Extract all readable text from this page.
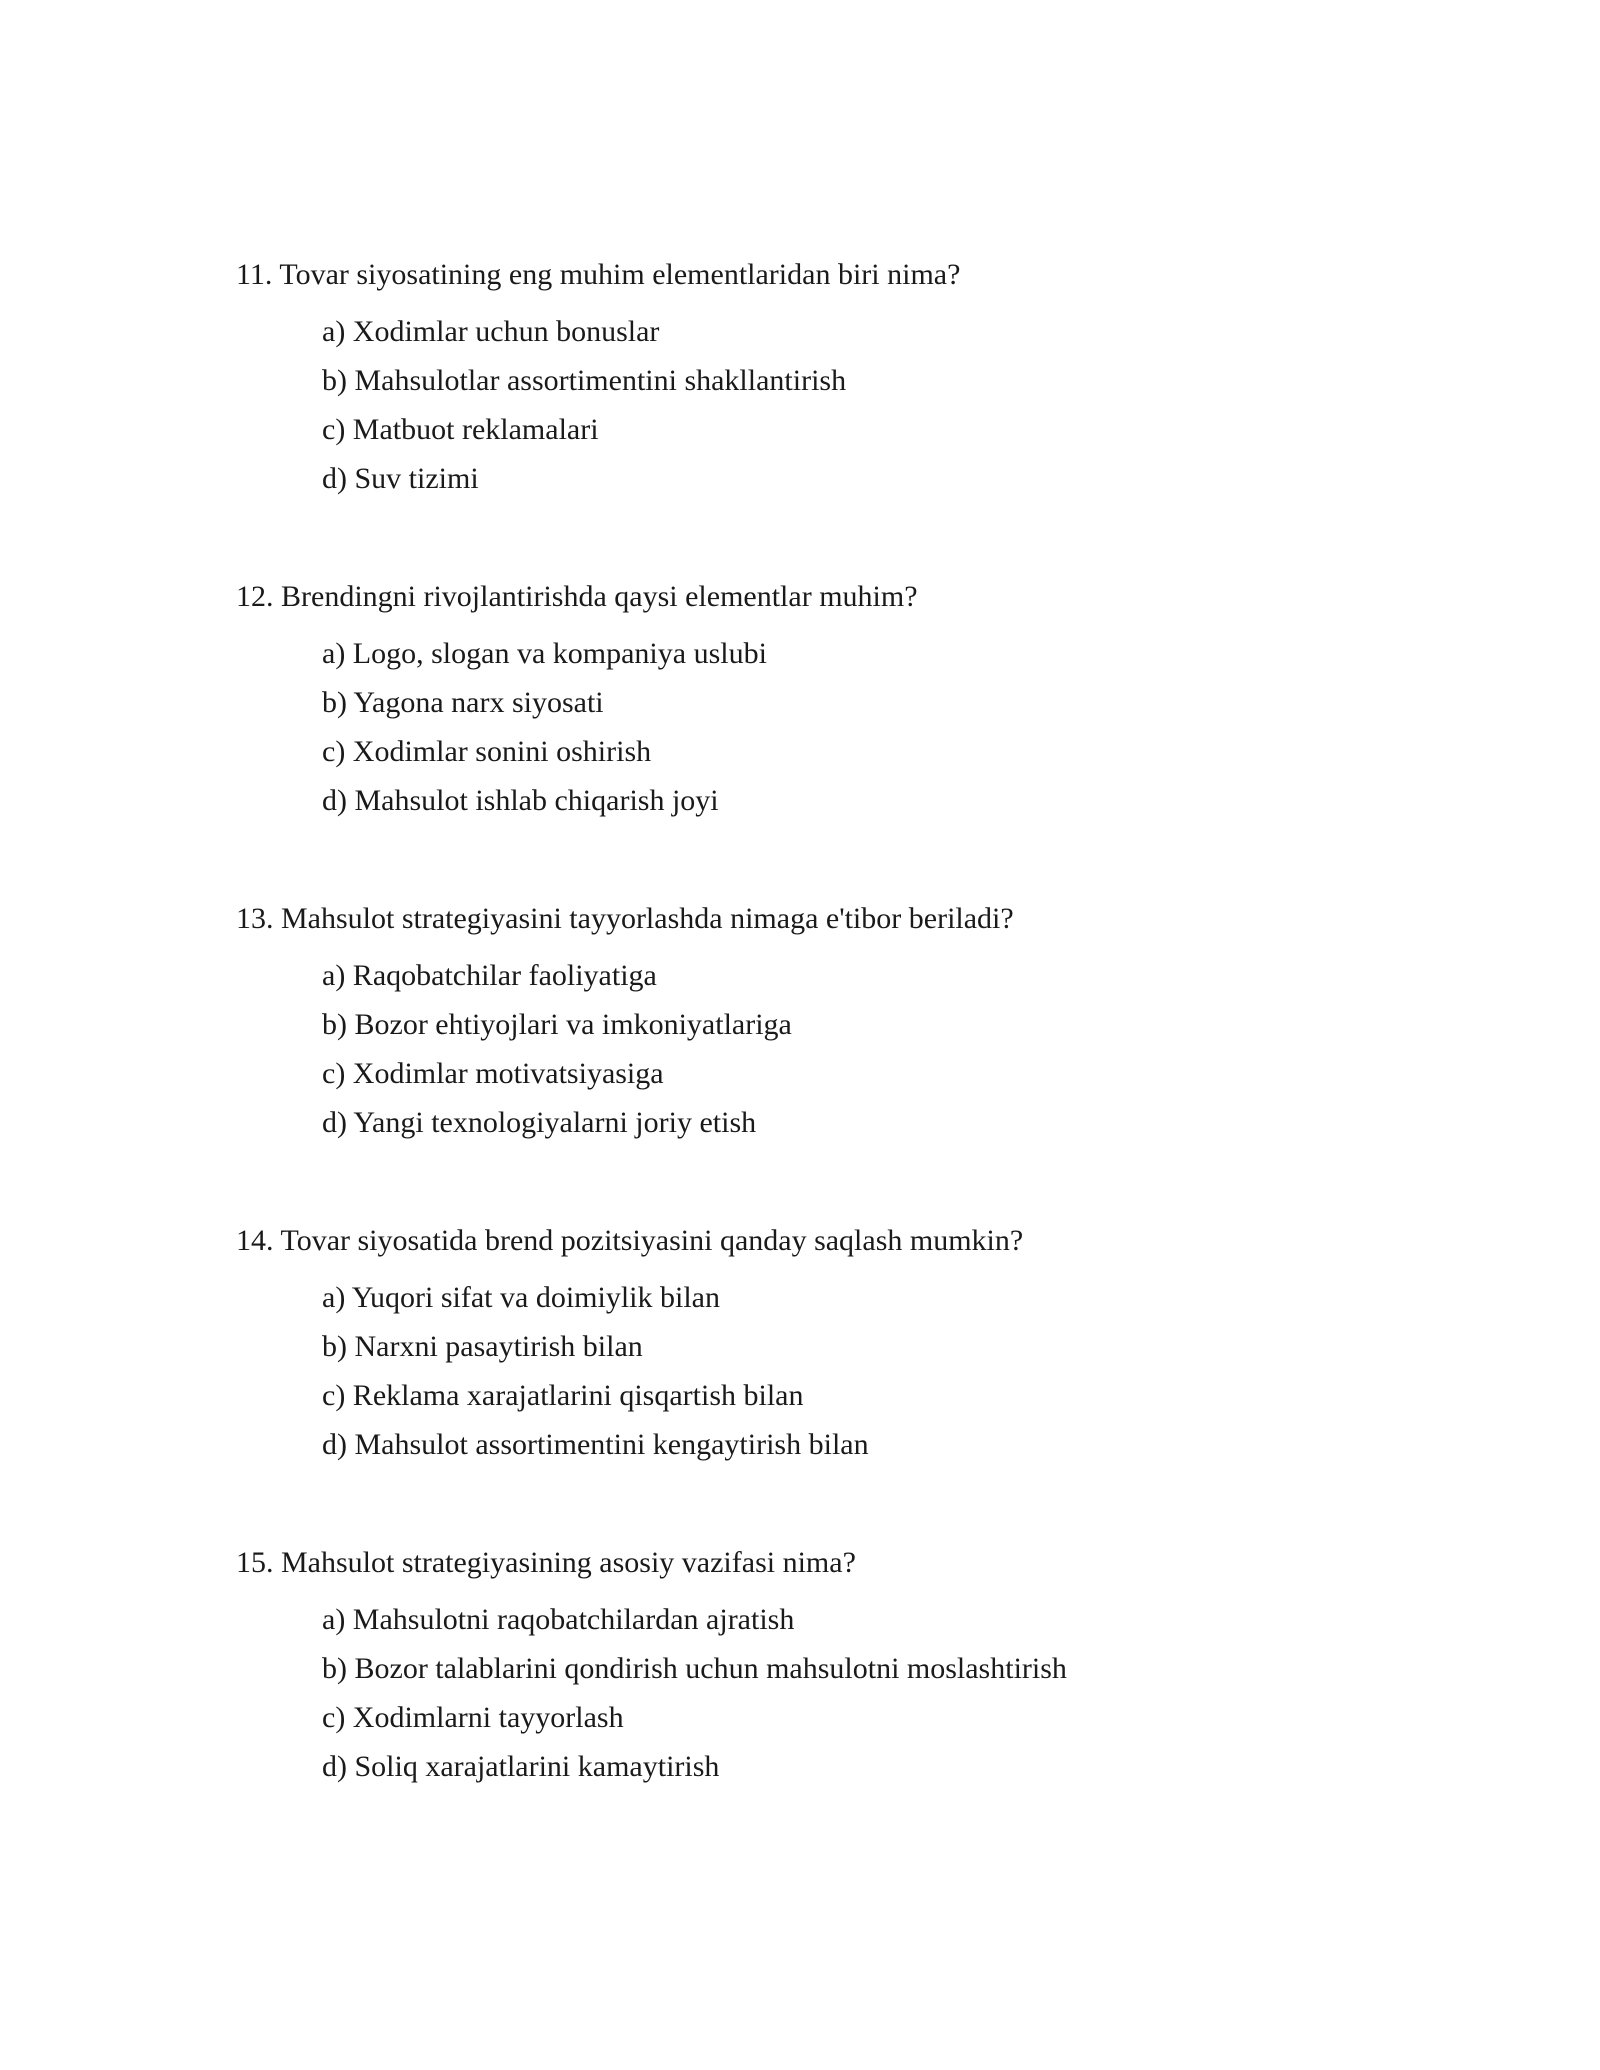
11. Tovar siyosatining eng muhim elementlaridan biri nima?

a) Xodimlar uchun bonuslar
b) Mahsulotlar assortimentini shakllantirish
c) Matbuot reklamalari
d) Suv tizimi

12. Brendingni rivojlantirishda qaysi elementlar muhim?

a) Logo, slogan va kompaniya uslubi
b) Yagona narx siyosati
c) Xodimlar sonini oshirish
d) Mahsulot ishlab chiqarish joyi

13. Mahsulot strategiyasini tayyorlashda nimaga e'tibor beriladi?

a) Raqobatchilar faoliyatiga
b) Bozor ehtiyojlari va imkoniyatlariga
c) Xodimlar motivatsiyasiga
d) Yangi texnologiyalarni joriy etish

14. Tovar siyosatida brend pozitsiyasini qanday saqlash mumkin?

a) Yuqori sifat va doimiylik bilan
b) Narxni pasaytirish bilan
c) Reklama xarajatlarini qisqartish bilan
d) Mahsulot assortimentini kengaytirish bilan

15. Mahsulot strategiyasining asosiy vazifasi nima?

a) Mahsulotni raqobatchilardan ajratish
b) Bozor talablarini qondirish uchun mahsulotni moslashtirish
c) Xodimlarni tayyorlash
d) Soliq xarajatlarini kamaytirish
